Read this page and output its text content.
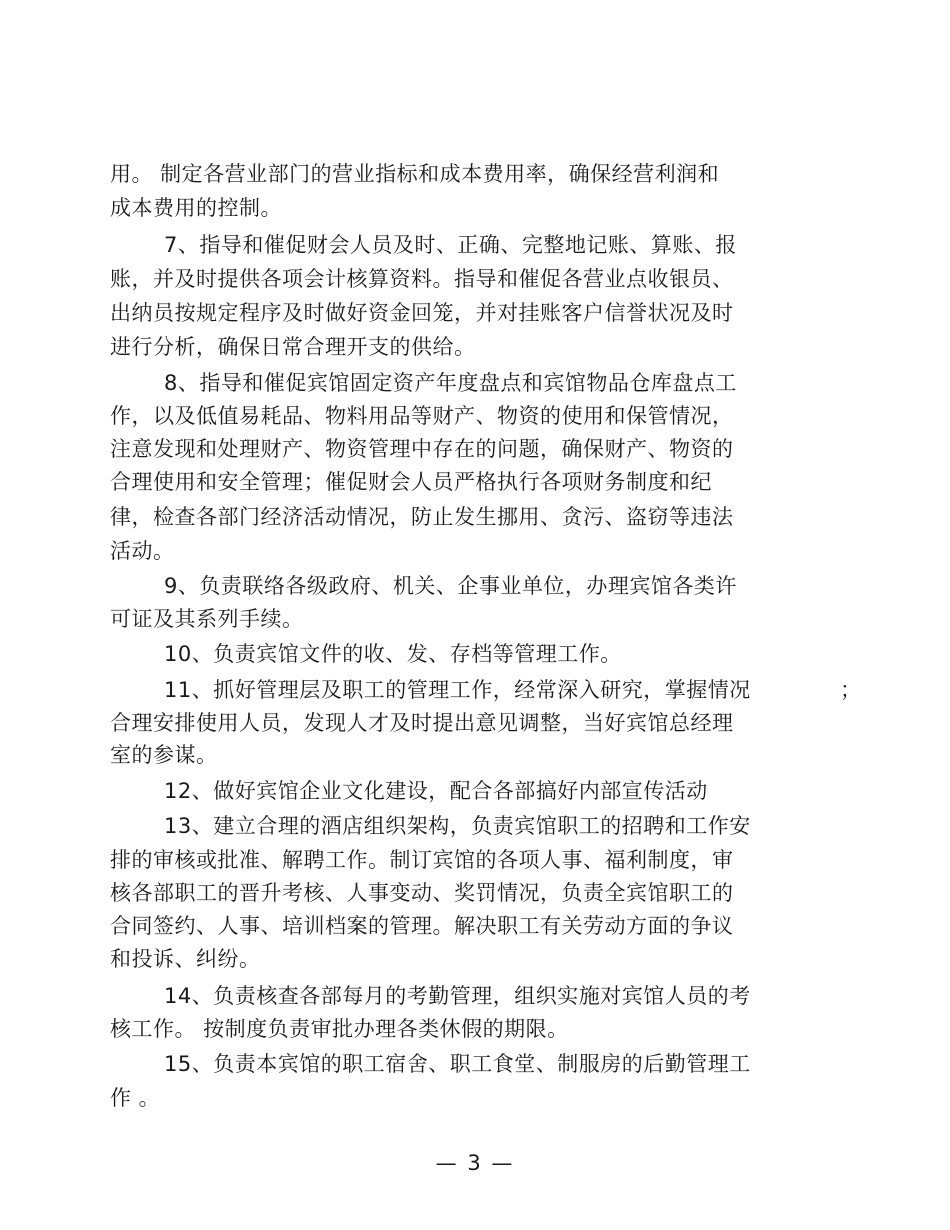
用。 制定各营业部门的营业指标和成本费用率，确保经营利润和
成本费用的控制。
7、指导和催促财会人员及时、正确、完整地记账、算账、报
账，并及时提供各项会计核算资料。指导和催促各营业点收银员、
出纳员按规定程序及时做好资金回笼，并对挂账客户信誉状况及时
进行分析，确保日常合理开支的供给。
8、指导和催促宾馆固定资产年度盘点和宾馆物品仓库盘点工
作，以及低值易耗品、物料用品等财产、物资的使用和保管情况，
注意发现和处理财产、物资管理中存在的问题，确保财产、物资的
合理使用和安全管理；催促财会人员严格执行各项财务制度和纪
律，检查各部门经济活动情况，防止发生挪用、贪污、盗窃等违法
活动。
9、负责联络各级政府、机关、企事业单位，办理宾馆各类许
可证及其系列手续。
10、负责宾馆文件的收、发、存档等管理工作。
11、抓好管理层及职工的管理工作，经常深入研究，掌握情况	；
合理安排使用人员，发现人才及时提出意见调整，当好宾馆总经理
室的参谋。
12、做好宾馆企业文化建设，配合各部搞好内部宣传活动
13、建立合理的酒店组织架构，负责宾馆职工的招聘和工作安
排的审核或批准、解聘工作。制订宾馆的各项人事、福利制度，审
核各部职工的晋升考核、人事变动、奖罚情况，负责全宾馆职工的
合同签约、人事、培训档案的管理。解决职工有关劳动方面的争议
和投诉、纠纷。
14、负责核查各部每月的考勤管理，组织实施对宾馆人员的考
核工作。 按制度负责审批办理各类休假的期限。
15、负责本宾馆的职工宿舍、职工食堂、制服房的后勤管理工
作 。
— 3 —
